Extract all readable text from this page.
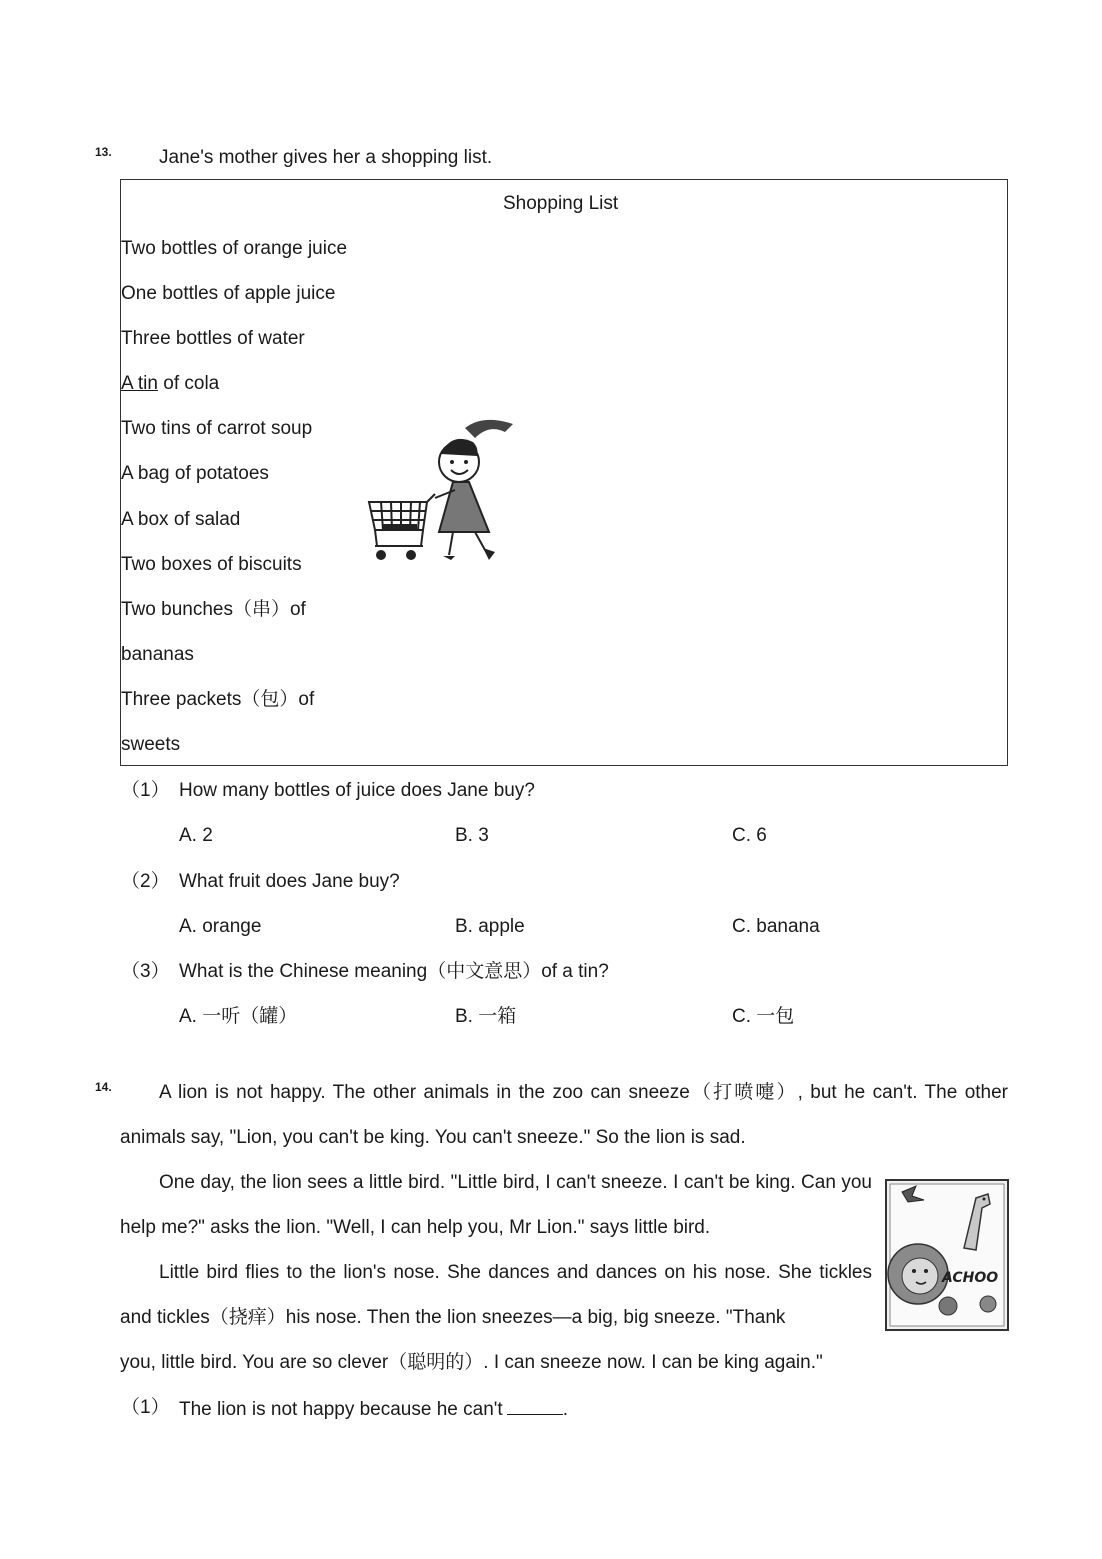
13. Jane's mother gives her a shopping list.
Shopping List
Two bottles of orange juice
One bottles of apple juice
Three bottles of water
A tin of cola
Two tins of carrot soup
A bag of potatoes
A box of salad
Two boxes of biscuits
Two bunches（串）of
bananas
Three packets（包）of
sweets
（1） How many bottles of juice does Jane buy?
A. 2	B. 3	C. 6
（2） What fruit does Jane buy?
A. orange	B. apple	C. banana
（3） What is the Chinese meaning（中文意思）of a tin?
A. 一听（罐）	B. 一箱	C. 一包
14.	A lion is not happy. The other animals in the zoo can sneeze（打喷嚏）, but he can't. The other animals say, "Lion, you can't be king. You can't sneeze." So the lion is sad.
One day, the lion sees a little bird. "Little bird, I can't sneeze. I can't be king. Can you help me?" asks the lion. "Well, I can help you, Mr Lion." says little bird.
Little bird flies to the lion's nose. She dances and dances on his nose. She tickles and tickles（挠痒）his nose. Then the lion sneezes—a big, big sneeze. "Thank
you, little bird. You are so clever（聪明的）. I can sneeze now. I can be king again."
ACHOO
（1） The lion is not happy because he can't	.
